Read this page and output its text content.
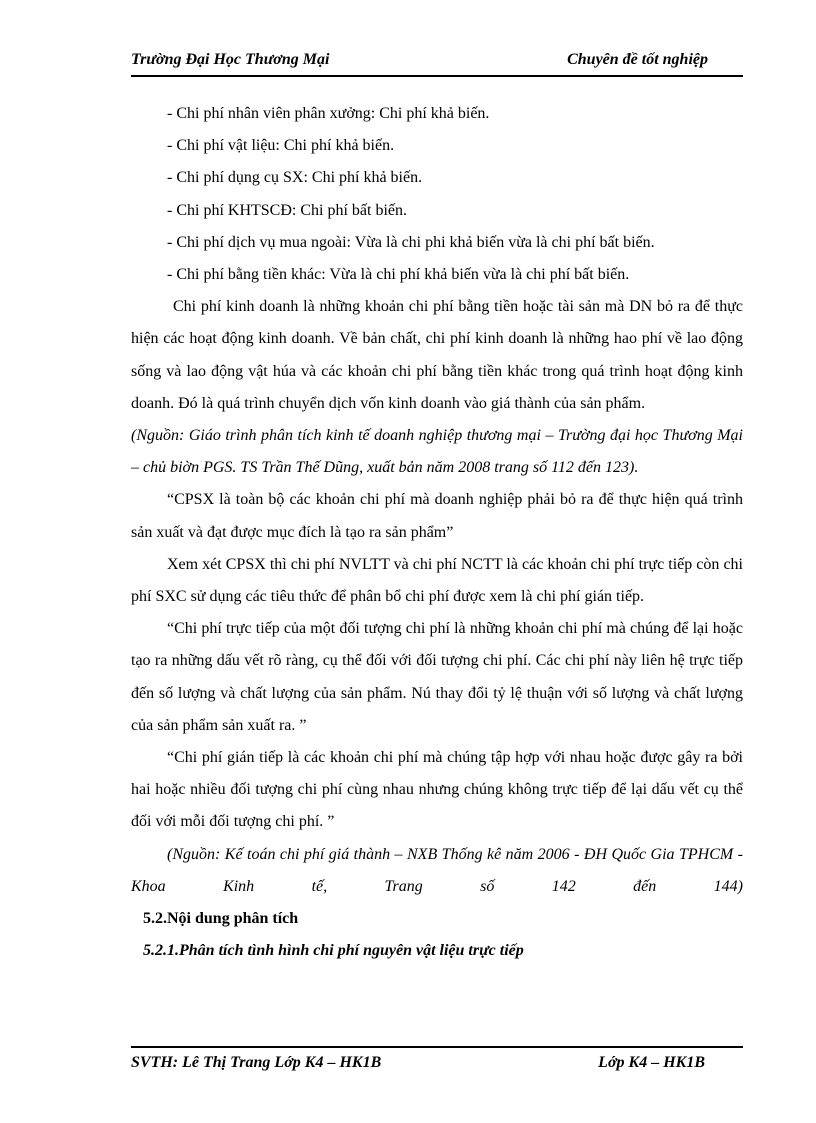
Trường Đại Học Thương Mại	Chuyên đề tốt nghiệp

- Chi phí nhân viên phân xưởng: Chi phí khả biến.

- Chi phí vật liệu: Chi phí khả biến.

- Chi phí dụng cụ SX: Chi phí khả biến.

- Chi phí KHTSCĐ: Chi phí bất biến.

- Chi phí dịch vụ mua ngoài: Vừa là chi phi khả biến vừa là chi phí bất biến.

- Chi phí bằng tiền khác: Vừa là chi phí khả biến vừa là chi phí bất biến.

Chi phí kinh doanh là những khoản chi phí bằng tiền hoặc tài sản mà DN bỏ ra để thực hiện các hoạt động kinh doanh. Về bản chất, chi phí kinh doanh là những hao phí về lao động sống và lao động vật húa và các khoản chi phí bằng tiền khác trong quá trình hoạt động kinh doanh. Đó là quá trình chuyển dịch vốn kinh doanh vào giá thành của sản phẩm.

(Nguồn: Giáo trình phân tích kinh tế doanh nghiệp thương mại – Trường đại học Thương Mại – chủ biờn PGS. TS Trần Thế Dũng, xuất bản năm 2008 trang số 112 đến 123).

“CPSX là toàn bộ các khoản chi phí mà doanh nghiệp phải bỏ ra để thực hiện quá trình sản xuất và đạt được mục đích là tạo ra sản phẩm”

Xem xét CPSX thì chi phí NVLTT và chi phí NCTT là các khoản chi phí trực tiếp còn chi phí SXC sử dụng các tiêu thức để phân bổ chi phí được xem là chi phí gián tiếp.

“Chi phí trực tiếp của một đối tượng chi phí là những khoản chi phí mà chúng để lại hoặc tạo ra những dấu vết rõ ràng, cụ thể đối với đối tượng chi phí. Các chi phí này liên hệ trực tiếp đến số lượng và chất lượng của sản phẩm. Nú thay đổi tỷ lệ thuận với số lượng và chất lượng của sản phẩm sản xuất ra. ”

“Chi phí gián tiếp là các khoản chi phí mà chúng tập hợp với nhau hoặc được gây ra bởi hai hoặc nhiều đối tượng chi phí cùng nhau nhưng chúng không trực tiếp để lại dấu vết cụ thể đối với mỗi đối tượng chi phí. ”

(Nguồn: Kế toán chi phí giá thành – NXB Thống kê năm 2006 - ĐH Quốc Gia TPHCM - Khoa Kinh tế, Trang số 142 đến 144)

5.2.Nội dung phân tích

5.2.1.Phân tích tình hình chi phí nguyên vật liệu trực tiếp

SVTH: Lê Thị Trang Lớp K4 – HK1B	Lớp K4 – HK1B
